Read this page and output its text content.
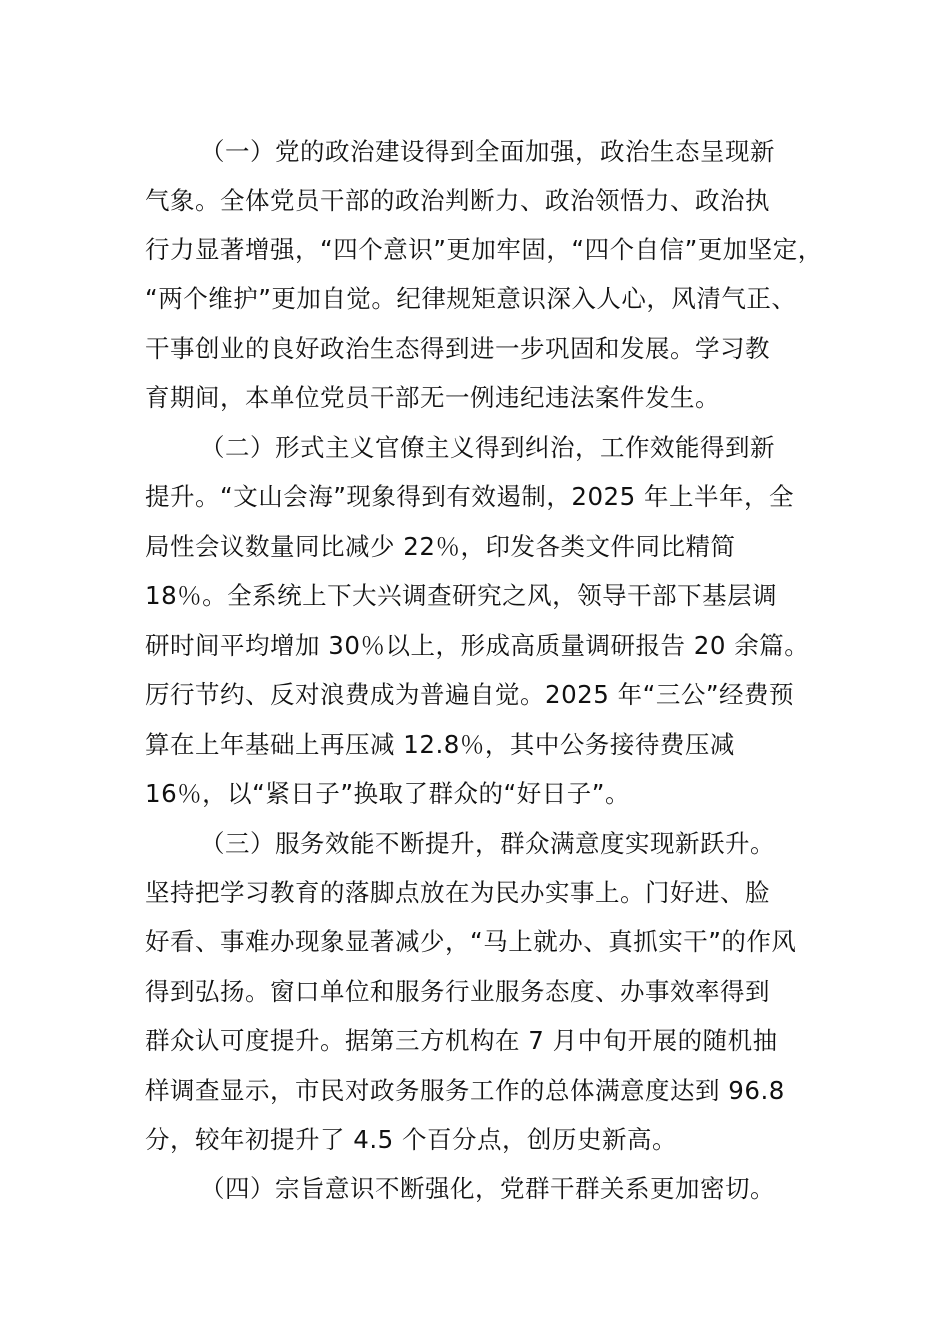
（一）党的政治建设得到全面加强，政治生态呈现新
气象。全体党员干部的政治判断力、政治领悟力、政治执
行力显著增强，“四个意识”更加牢固，“四个自信”更加坚定，
“两个维护”更加自觉。纪律规矩意识深入人心，风清气正、
干事创业的良好政治生态得到进一步巩固和发展。学习教
育期间，本单位党员干部无一例违纪违法案件发生。
（二）形式主义官僚主义得到纠治，工作效能得到新
提升。“文山会海”现象得到有效遏制，2025 年上半年，全
局性会议数量同比减少 22％，印发各类文件同比精简
18％。全系统上下大兴调查研究之风，领导干部下基层调
研时间平均增加 30％以上，形成高质量调研报告 20 余篇。
厉行节约、反对浪费成为普遍自觉。2025 年“三公”经费预
算在上年基础上再压减 12.8％，其中公务接待费压减
16％，以“紧日子”换取了群众的“好日子”。
（三）服务效能不断提升，群众满意度实现新跃升。
坚持把学习教育的落脚点放在为民办实事上。门好进、脸
好看、事难办现象显著减少，“马上就办、真抓实干”的作风
得到弘扬。窗口单位和服务行业服务态度、办事效率得到
群众认可度提升。据第三方机构在 7 月中旬开展的随机抽
样调查显示，市民对政务服务工作的总体满意度达到 96.8
分，较年初提升了 4.5 个百分点，创历史新高。
（四）宗旨意识不断强化，党群干群关系更加密切。
